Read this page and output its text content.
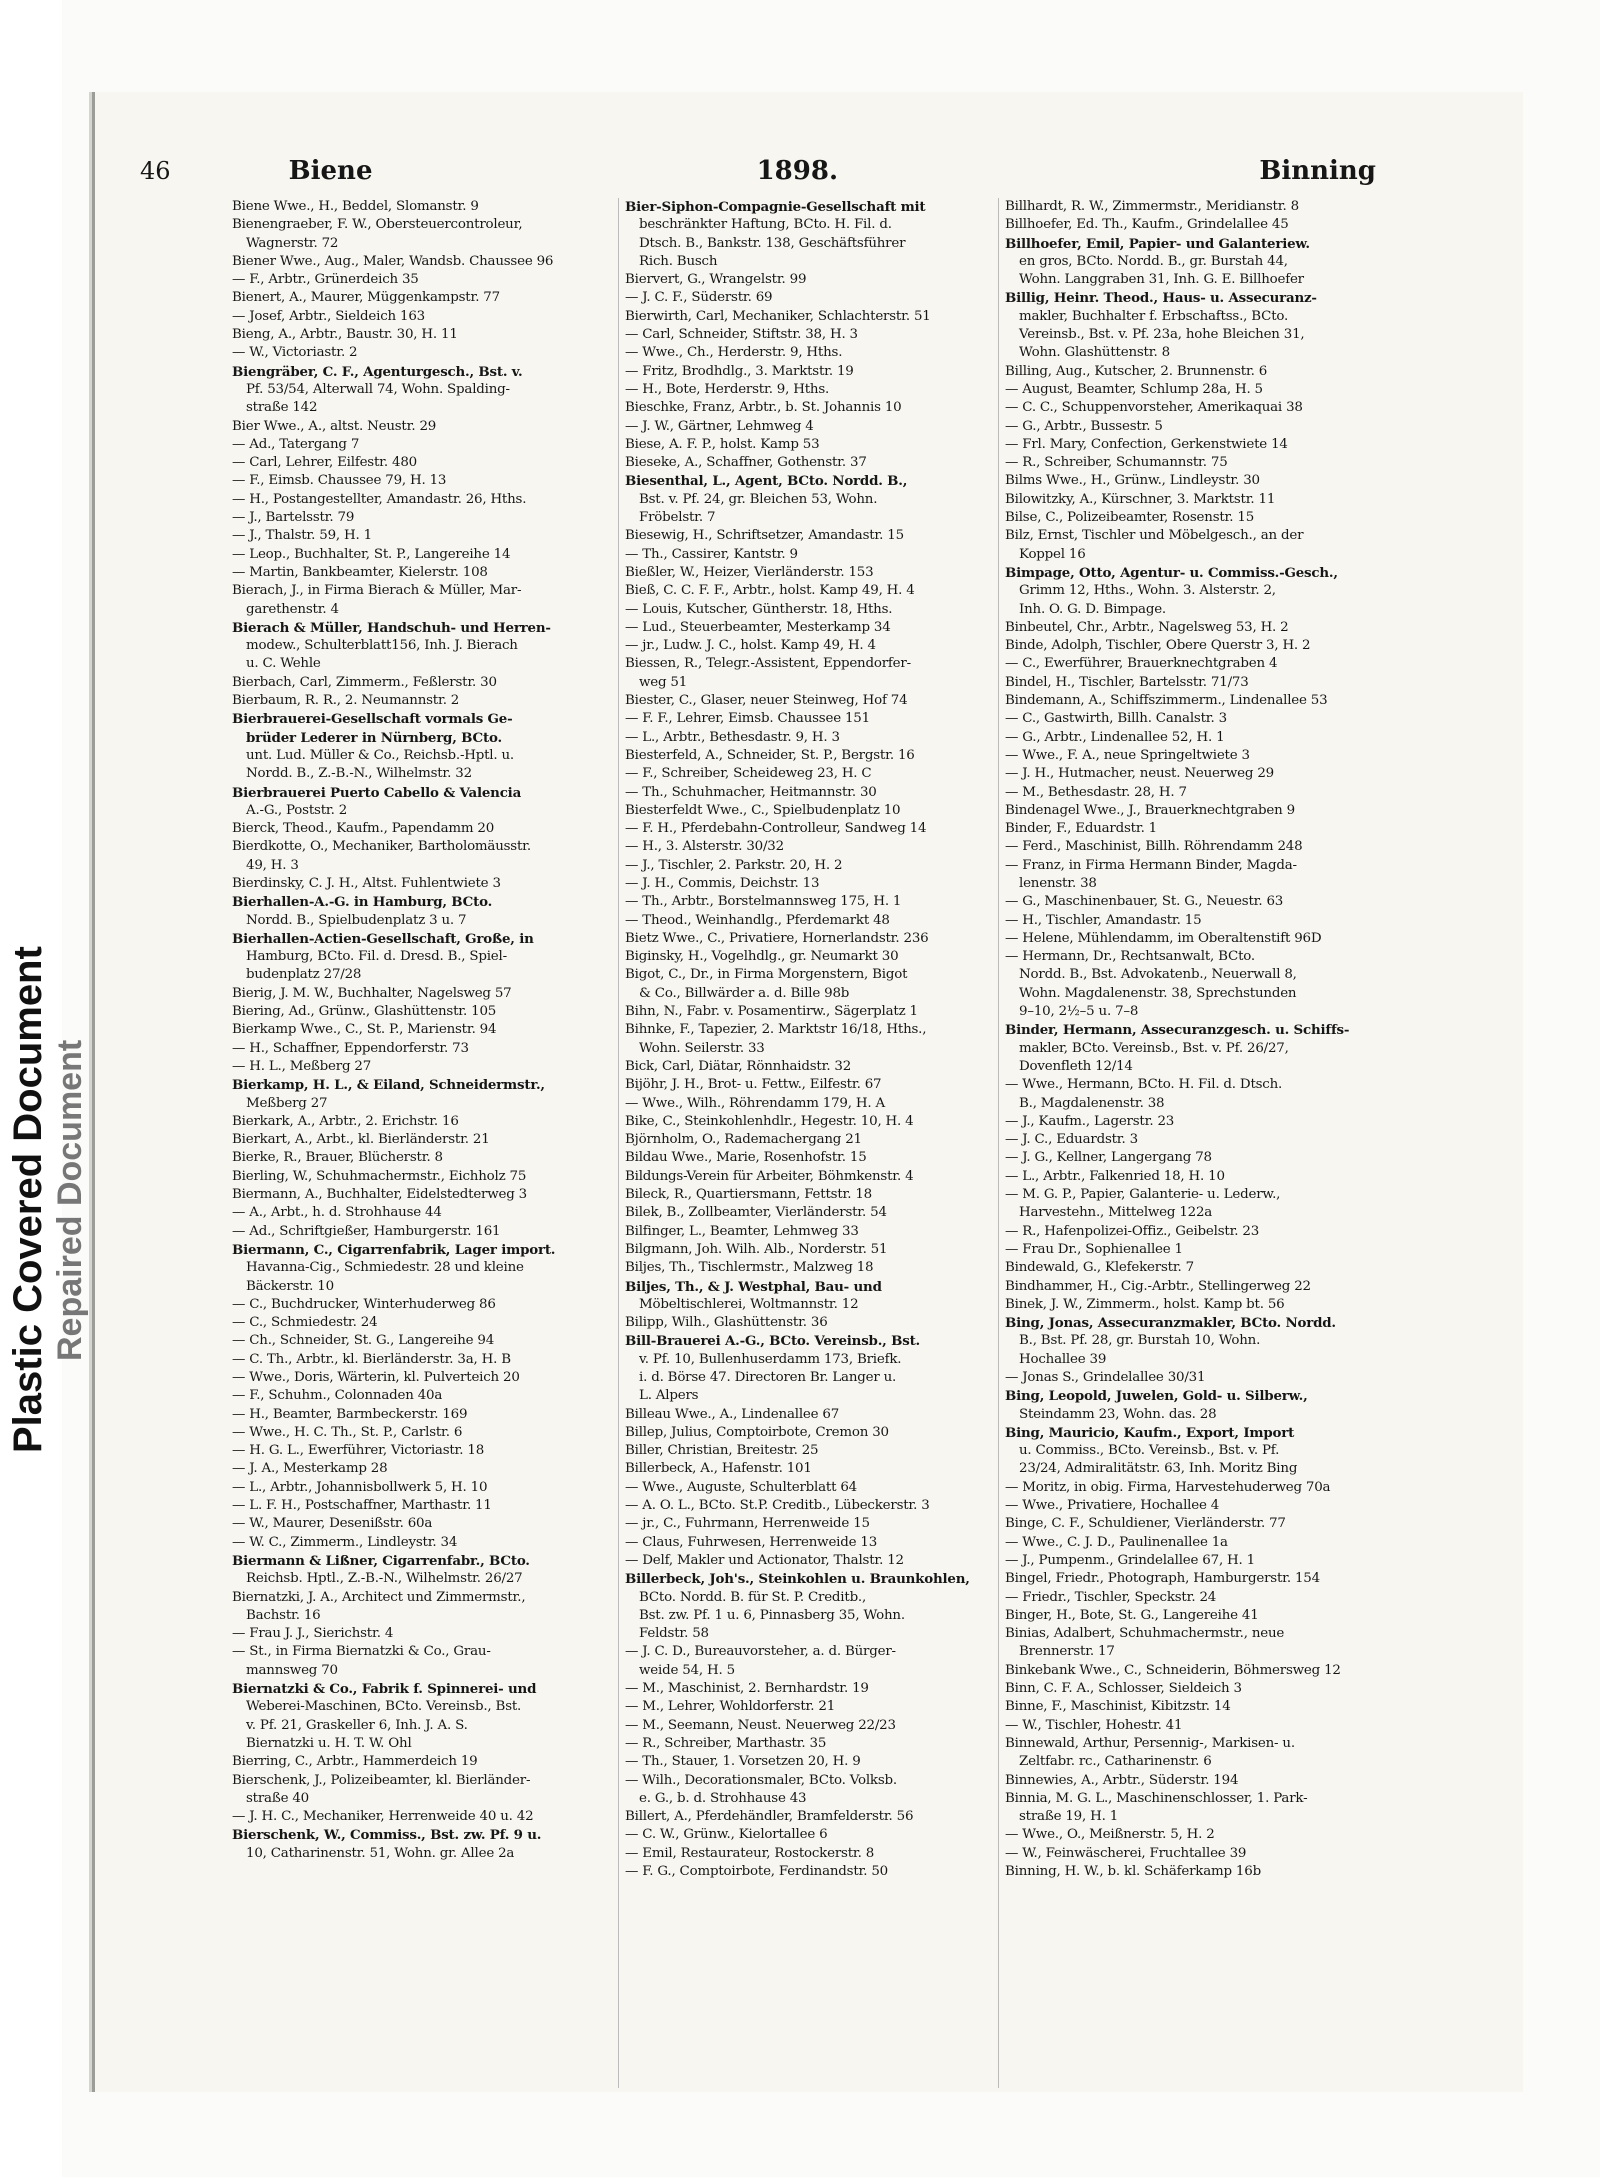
Plastic Covered Document Repaired Document
46	Biene	1898.	Binning
Biene Wwe., H., Beddel, Slomanstr. 9
Bienengraeber, F. W., Obersteuercontroleur,
Wagnerstr. 72
Biener Wwe., Aug., Maler, Wandsb. Chaussee 96
— F., Arbtr., Grünerdeich 35
Bienert, A., Maurer, Müggenkampstr. 77
— Josef, Arbtr., Sieldeich 163
Bieng, A., Arbtr., Baustr. 30, H. 11
— W., Victoriastr. 2
Biengräber, C. F., Agenturgesch., Bst. v.
Pf. 53/54, Alterwall 74, Wohn. Spalding-
straße 142
Bier Wwe., A., altst. Neustr. 29
— Ad., Tatergang 7
— Carl, Lehrer, Eilfestr. 480
— F., Eimsb. Chaussee 79, H. 13
— H., Postangestellter, Amandastr. 26, Hths.
— J., Bartelsstr. 79
— J., Thalstr. 59, H. 1
— Leop., Buchhalter, St. P., Langereihe 14
— Martin, Bankbeamter, Kielerstr. 108
Bierach, J., in Firma Bierach & Müller, Mar-
garethenstr. 4
Bierach & Müller, Handschuh- und Herren-
modew., Schulterblatt156, Inh. J. Bierach
u. C. Wehle
Bierbach, Carl, Zimmerm., Feßlerstr. 30
Bierbaum, R. R., 2. Neumannstr. 2
Bierbrauerei-Gesellschaft vormals Ge-
brüder Lederer in Nürnberg, BCto.
unt. Lud. Müller & Co., Reichsb.-Hptl. u.
Nordd. B., Z.-B.-N., Wilhelmstr. 32
Bierbrauerei Puerto Cabello & Valencia
A.-G., Poststr. 2
Bierck, Theod., Kaufm., Papendamm 20
Bierdkotte, O., Mechaniker, Bartholomäusstr.
49, H. 3
Bierdinsky, C. J. H., Altst. Fuhlentwiete 3
Bierhallen-A.-G. in Hamburg, BCto.
Nordd. B., Spielbudenplatz 3 u. 7
Bierhallen-Actien-Gesellschaft, Große, in
Hamburg, BCto. Fil. d. Dresd. B., Spiel-
budenplatz 27/28
Bierig, J. M. W., Buchhalter, Nagelsweg 57
Biering, Ad., Grünw., Glashüttenstr. 105
Bierkamp Wwe., C., St. P., Marienstr. 94
— H., Schaffner, Eppendorferstr. 73
— H. L., Meßberg 27
Bierkamp, H. L., & Eiland, Schneidermstr.,
Meßberg 27
Bierkark, A., Arbtr., 2. Erichstr. 16
Bierkart, A., Arbt., kl. Bierländerstr. 21
Bierke, R., Brauer, Blücherstr. 8
Bierling, W., Schuhmachermstr., Eichholz 75
Biermann, A., Buchhalter, Eidelstedterweg 3
— A., Arbt., h. d. Strohhause 44
— Ad., Schriftgießer, Hamburgerstr. 161
Biermann, C., Cigarrenfabrik, Lager import.
Havanna-Cig., Schmiedestr. 28 und kleine
Bäckerstr. 10
— C., Buchdrucker, Winterhuderweg 86
— C., Schmiedestr. 24
— Ch., Schneider, St. G., Langereihe 94
— C. Th., Arbtr., kl. Bierländerstr. 3a, H. B
— Wwe., Doris, Wärterin, kl. Pulverteich 20
— F., Schuhm., Colonnaden 40a
— H., Beamter, Barmbeckerstr. 169
— Wwe., H. C. Th., St. P., Carlstr. 6
— H. G. L., Ewerführer, Victoriastr. 18
— J. A., Mesterkamp 28
— L., Arbtr., Johannisbollwerk 5, H. 10
— L. F. H., Postschaffner, Marthastr. 11
— W., Maurer, Desenißstr. 60a
— W. C., Zimmerm., Lindleystr. 34
Biermann & Lißner, Cigarrenfabr., BCto.
Reichsb. Hptl., Z.-B.-N., Wilhelmstr. 26/27
Biernatzki, J. A., Architect und Zimmermstr.,
Bachstr. 16
— Frau J. J., Sierichstr. 4
— St., in Firma Biernatzki & Co., Grau-
mannsweg 70
Biernatzki & Co., Fabrik f. Spinnerei- und
Weberei-Maschinen, BCto. Vereinsb., Bst.
v. Pf. 21, Graskeller 6, Inh. J. A. S.
Biernatzki u. H. T. W. Ohl
Bierring, C., Arbtr., Hammerdeich 19
Bierschenk, J., Polizeibeamter, kl. Bierländer-
straße 40
— J. H. C., Mechaniker, Herrenweide 40 u. 42
Bierschenk, W., Commiss., Bst. zw. Pf. 9 u.
10, Catharinenstr. 51, Wohn. gr. Allee 2a
Bier-Siphon-Compagnie-Gesellschaft mit
beschränkter Haftung, BCto. H. Fil. d.
Dtsch. B., Bankstr. 138, Geschäftsführer
Rich. Busch
Biervert, G., Wrangelstr. 99
— J. C. F., Süderstr. 69
Bierwirth, Carl, Mechaniker, Schlachterstr. 51
— Carl, Schneider, Stiftstr. 38, H. 3
— Wwe., Ch., Herderstr. 9, Hths.
— Fritz, Brodhdlg., 3. Marktstr. 19
— H., Bote, Herderstr. 9, Hths.
Bieschke, Franz, Arbtr., b. St. Johannis 10
— J. W., Gärtner, Lehmweg 4
Biese, A. F. P., holst. Kamp 53
Bieseke, A., Schaffner, Gothenstr. 37
Biesenthal, L., Agent, BCto. Nordd. B.,
Bst. v. Pf. 24, gr. Bleichen 53, Wohn.
Fröbelstr. 7
Biesewig, H., Schriftsetzer, Amandastr. 15
— Th., Cassirer, Kantstr. 9
Bießler, W., Heizer, Vierländerstr. 153
Bieß, C. C. F. F., Arbtr., holst. Kamp 49, H. 4
— Louis, Kutscher, Güntherstr. 18, Hths.
— Lud., Steuerbeamter, Mesterkamp 34
— jr., Ludw. J. C., holst. Kamp 49, H. 4
Biessen, R., Telegr.-Assistent, Eppendorfer-
weg 51
Biester, C., Glaser, neuer Steinweg, Hof 74
— F. F., Lehrer, Eimsb. Chaussee 151
— L., Arbtr., Bethesdastr. 9, H. 3
Biesterfeld, A., Schneider, St. P., Bergstr. 16
— F., Schreiber, Scheideweg 23, H. C
— Th., Schuhmacher, Heitmannstr. 30
Biesterfeldt Wwe., C., Spielbudenplatz 10
— F. H., Pferdebahn-Controlleur, Sandweg 14
— H., 3. Alsterstr. 30/32
— J., Tischler, 2. Parkstr. 20, H. 2
— J. H., Commis, Deichstr. 13
— Th., Arbtr., Borstelmannsweg 175, H. 1
— Theod., Weinhandlg., Pferdemarkt 48
Bietz Wwe., C., Privatiere, Hornerlandstr. 236
Biginsky, H., Vogelhdlg., gr. Neumarkt 30
Bigot, C., Dr., in Firma Morgenstern, Bigot
& Co., Billwärder a. d. Bille 98b
Bihn, N., Fabr. v. Posamentirw., Sägerplatz 1
Bihnke, F., Tapezier, 2. Marktstr 16/18, Hths.,
Wohn. Seilerstr. 33
Bick, Carl, Diätar, Rönnhaidstr. 32
Bijöhr, J. H., Brot- u. Fettw., Eilfestr. 67
— Wwe., Wilh., Röhrendamm 179, H. A
Bike, C., Steinkohlenhdlr., Hegestr. 10, H. 4
Björnholm, O., Rademachergang 21
Bildau Wwe., Marie, Rosenhofstr. 15
Bildungs-Verein für Arbeiter, Böhmkenstr. 4
Bileck, R., Quartiersmann, Fettstr. 18
Bilek, B., Zollbeamter, Vierländerstr. 54
Bilfinger, L., Beamter, Lehmweg 33
Bilgmann, Joh. Wilh. Alb., Norderstr. 51
Biljes, Th., Tischlermstr., Malzweg 18
Biljes, Th., & J. Westphal, Bau- und
Möbeltischlerei, Woltmannstr. 12
Bilipp, Wilh., Glashüttenstr. 36
Bill-Brauerei A.-G., BCto. Vereinsb., Bst.
v. Pf. 10, Bullenhuserdamm 173, Briefk.
i. d. Börse 47. Directoren Br. Langer u.
L. Alpers
Billeau Wwe., A., Lindenallee 67
Billep, Julius, Comptoirbote, Cremon 30
Biller, Christian, Breitestr. 25
Billerbeck, A., Hafenstr. 101
— Wwe., Auguste, Schulterblatt 64
— A. O. L., BCto. St.P. Creditb., Lübeckerstr. 3
— jr., C., Fuhrmann, Herrenweide 15
— Claus, Fuhrwesen, Herrenweide 13
— Delf, Makler und Actionator, Thalstr. 12
Billerbeck, Joh's., Steinkohlen u. Braunkohlen,
BCto. Nordd. B. für St. P. Creditb.,
Bst. zw. Pf. 1 u. 6, Pinnasberg 35, Wohn.
Feldstr. 58
— J. C. D., Bureauvorsteher, a. d. Bürger-
weide 54, H. 5
— M., Maschinist, 2. Bernhardstr. 19
— M., Lehrer, Wohldorferstr. 21
— M., Seemann, Neust. Neuerweg 22/23
— R., Schreiber, Marthastr. 35
— Th., Stauer, 1. Vorsetzen 20, H. 9
— Wilh., Decorationsmaler, BCto. Volksb.
e. G., b. d. Strohhause 43
Billert, A., Pferdehändler, Bramfelderstr. 56
— C. W., Grünw., Kielortallee 6
— Emil, Restaurateur, Rostockerstr. 8
— F. G., Comptoirbote, Ferdinandstr. 50
Billhardt, R. W., Zimmermstr., Meridianstr. 8
Billhoefer, Ed. Th., Kaufm., Grindelallee 45
Billhoefer, Emil, Papier- und Galanteriew.
en gros, BCto. Nordd. B., gr. Burstah 44,
Wohn. Langgraben 31, Inh. G. E. Billhoefer
Billig, Heinr. Theod., Haus- u. Assecuranz-
makler, Buchhalter f. Erbschaftss., BCto.
Vereinsb., Bst. v. Pf. 23a, hohe Bleichen 31,
Wohn. Glashüttenstr. 8
Billing, Aug., Kutscher, 2. Brunnenstr. 6
— August, Beamter, Schlump 28a, H. 5
— C. C., Schuppenvorsteher, Amerikaquai 38
— G., Arbtr., Bussestr. 5
— Frl. Mary, Confection, Gerkenstwiete 14
— R., Schreiber, Schumannstr. 75
Bilms Wwe., H., Grünw., Lindleystr. 30
Bilowitzky, A., Kürschner, 3. Marktstr. 11
Bilse, C., Polizeibeamter, Rosenstr. 15
Bilz, Ernst, Tischler und Möbelgesch., an der
Koppel 16
Bimpage, Otto, Agentur- u. Commiss.-Gesch.,
Grimm 12, Hths., Wohn. 3. Alsterstr. 2,
Inh. O. G. D. Bimpage.
Binbeutel, Chr., Arbtr., Nagelsweg 53, H. 2
Binde, Adolph, Tischler, Obere Querstr 3, H. 2
— C., Ewerführer, Brauerknechtgraben 4
Bindel, H., Tischler, Bartelsstr. 71/73
Bindemann, A., Schiffszimmerm., Lindenallee 53
— C., Gastwirth, Billh. Canalstr. 3
— G., Arbtr., Lindenallee 52, H. 1
— Wwe., F. A., neue Springeltwiete 3
— J. H., Hutmacher, neust. Neuerweg 29
— M., Bethesdastr. 28, H. 7
Bindenagel Wwe., J., Brauerknechtgraben 9
Binder, F., Eduardstr. 1
— Ferd., Maschinist, Billh. Röhrendamm 248
— Franz, in Firma Hermann Binder, Magda-
lenenstr. 38
— G., Maschinenbauer, St. G., Neuestr. 63
— H., Tischler, Amandastr. 15
— Helene, Mühlendamm, im Oberaltenstift 96D
— Hermann, Dr., Rechtsanwalt, BCto.
Nordd. B., Bst. Advokatenb., Neuerwall 8,
Wohn. Magdalenenstr. 38, Sprechstunden
9–10, 2½–5 u. 7–8
Binder, Hermann, Assecuranzgesch. u. Schiffs-
makler, BCto. Vereinsb., Bst. v. Pf. 26/27,
Dovenfleth 12/14
— Wwe., Hermann, BCto. H. Fil. d. Dtsch.
B., Magdalenenstr. 38
— J., Kaufm., Lagerstr. 23
— J. C., Eduardstr. 3
— J. G., Kellner, Langergang 78
— L., Arbtr., Falkenried 18, H. 10
— M. G. P., Papier, Galanterie- u. Lederw.,
Harvestehn., Mittelweg 122a
— R., Hafenpolizei-Offiz., Geibelstr. 23
— Frau Dr., Sophienallee 1
Bindewald, G., Klefekerstr. 7
Bindhammer, H., Cig.-Arbtr., Stellingerweg 22
Binek, J. W., Zimmerm., holst. Kamp bt. 56
Bing, Jonas, Assecuranzmakler, BCto. Nordd.
B., Bst. Pf. 28, gr. Burstah 10, Wohn.
Hochallee 39
— Jonas S., Grindelallee 30/31
Bing, Leopold, Juwelen, Gold- u. Silberw.,
Steindamm 23, Wohn. das. 28
Bing, Mauricio, Kaufm., Export, Import
u. Commiss., BCto. Vereinsb., Bst. v. Pf.
23/24, Admiralitätstr. 63, Inh. Moritz Bing
— Moritz, in obig. Firma, Harvestehuderweg 70a
— Wwe., Privatiere, Hochallee 4
Binge, C. F., Schuldiener, Vierländerstr. 77
— Wwe., C. J. D., Paulinenallee 1a
— J., Pumpenm., Grindelallee 67, H. 1
Bingel, Friedr., Photograph, Hamburgerstr. 154
— Friedr., Tischler, Speckstr. 24
Binger, H., Bote, St. G., Langereihe 41
Binias, Adalbert, Schuhmachermstr., neue
Brennerstr. 17
Binkebank Wwe., C., Schneiderin, Böhmersweg 12
Binn, C. F. A., Schlosser, Sieldeich 3
Binne, F., Maschinist, Kibitzstr. 14
— W., Tischler, Hohestr. 41
Binnewald, Arthur, Persennig-, Markisen- u.
Zeltfabr. rc., Catharinenstr. 6
Binnewies, A., Arbtr., Süderstr. 194
Binnia, M. G. L., Maschinenschlosser, 1. Park-
straße 19, H. 1
— Wwe., O., Meißnerstr. 5, H. 2
— W., Feinwäscherei, Fruchtallee 39
Binning, H. W., b. kl. Schäferkamp 16b
